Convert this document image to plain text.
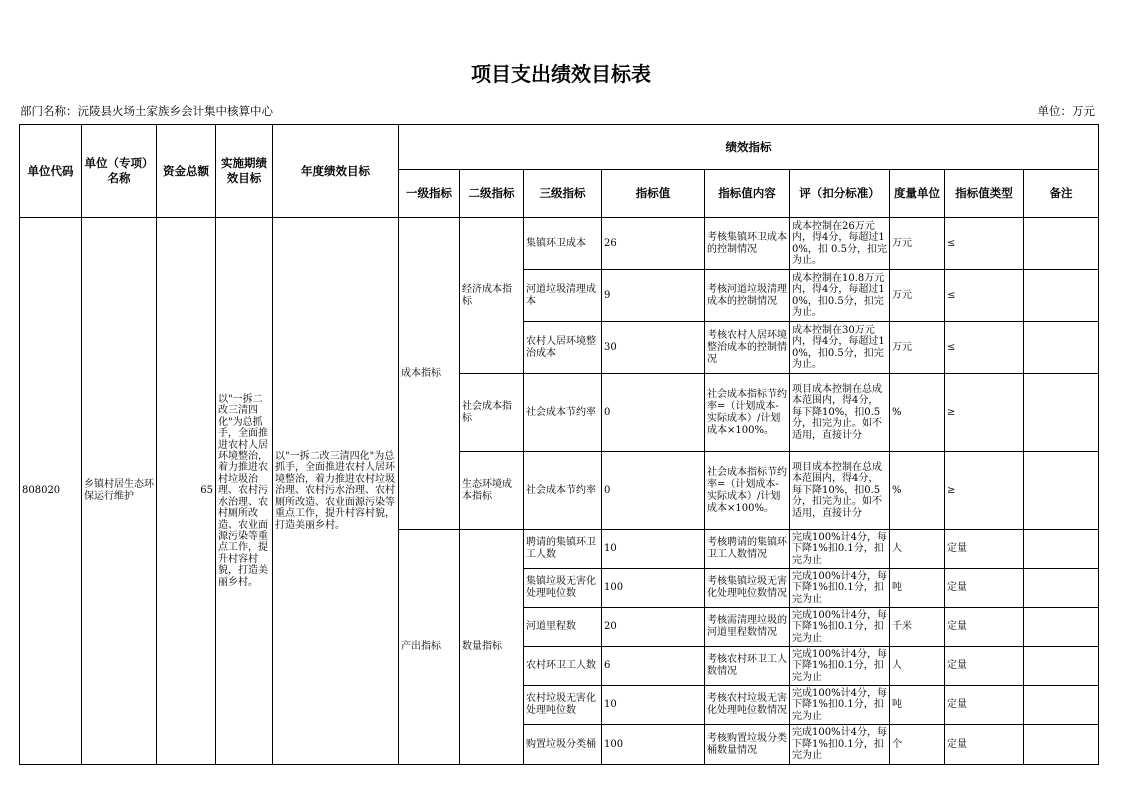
项目支出绩效目标表
部门名称：沅陵县火场土家族乡会计集中核算中心	单位：万元
单位代码	单位（专项）名称	资金总额	实施期绩效目标	年度绩效目标	绩效指标								
					一级指标	二级指标	三级指标	指标值	指标值内容	评（扣分标准）	度量单位	指标值类型	备注
808020	乡镇村居生态环保运行维护	65	以"一拆二改三清四化"为总抓手，全面推进农村人居环境整治，着力推进农村垃圾治理、农村污水治理、农村厕所改造、农业面源污染等重点工作，提升村容村貌，打造美丽乡村。	以"一拆二改三清四化"为总抓手，全面推进农村人居环境整治，着力推进农村垃圾治理、农村污水治理、农村厕所改造、农业面源污染等重点工作，提升村容村貌，打造美丽乡村。	成本指标	经济成本指标	集镇环卫成本	26	考核集镇环卫成本的控制情况	成本控制在26万元内，得4分，每超过10%，扣 0.5分，扣完为止。	万元	≤	
							河道垃圾清理成本	9	考核河道垃圾清理成本的控制情况	成本控制在10.8万元内，得4分，每超过10%，扣0.5分，扣完为止。	万元	≤	
							农村人居环境整治成本	30	考核农村人居环境整治成本的控制情况	成本控制在30万元内，得4分，每超过10%，扣0.5分，扣完为止。	万元	≤	
						社会成本指标	社会成本节约率	0	社会成本指标节约率=（计划成本-实际成本）/计划成本×100%。	项目成本控制在总成本范围内，得4分，每下降10%，扣0.5分，扣完为止。如不适用，直接计分	%	≥	
						生态环境成本指标	社会成本节约率	0	社会成本指标节约率=（计划成本-实际成本）/计划成本×100%。	项目成本控制在总成本范围内，得4分，每下降10%，扣0.5分，扣完为止。如不适用，直接计分	%	≥	
					产出指标	数量指标	聘请的集镇环卫工人数	10	考核聘请的集镇环卫工人数情况	完成100%计4分，每下降1%扣0.1分，扣完为止	人	定量	
							集镇垃圾无害化处理吨位数	100	考核集镇垃圾无害化处理吨位数情况	完成100%计4分，每下降1%扣0.1分，扣完为止	吨	定量	
							河道里程数	20	考核需清理垃圾的河道里程数情况	完成100%计4分，每下降1%扣0.1分，扣完为止	千米	定量	
							农村环卫工人数	6	考核农村环卫工人数情况	完成100%计4分，每下降1%扣0.1分，扣完为止	人	定量	
							农村垃圾无害化处理吨位数	10	考核农村垃圾无害化处理吨位数情况	完成100%计4分，每下降1%扣0.1分，扣完为止	吨	定量	
							购置垃圾分类桶	100	考核购置垃圾分类桶数量情况	完成100%计4分，每下降1%扣0.1分，扣完为止	个	定量	
